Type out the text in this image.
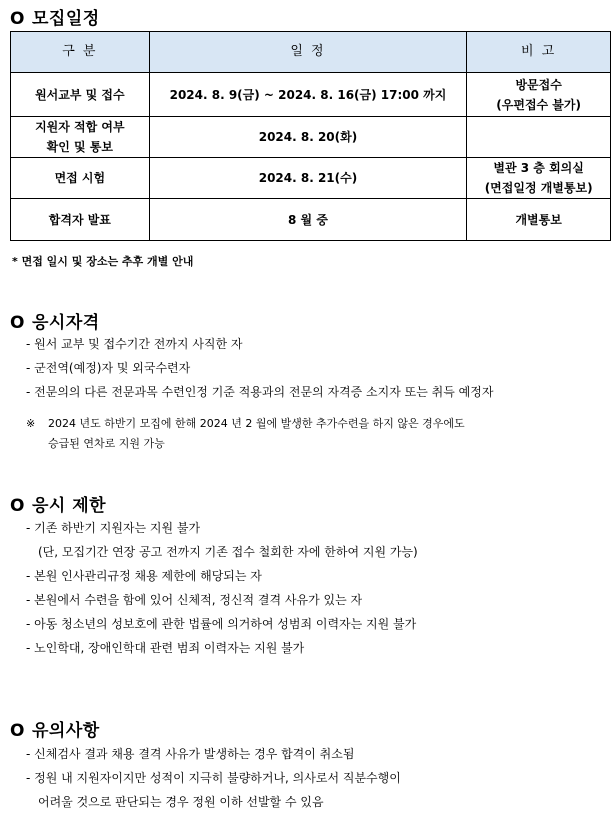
O 모집일정
구 분	일 정	비 고
원서교부 및 접수	2024. 8. 9(금) ~ 2024. 8. 16(금) 17:00 까지	방문접수
(우편접수 불가)

지원자 적합 여부
확인 및 통보	2024. 8. 20(화)	
면접 시험	2024. 8. 21(수)	별관 3 층 회의실
(면접일정 개별통보)

합격자 발표	8 월 중	개별통보
* 면접 일시 및 장소는 추후 개별 안내
O 응시자격
- 원서 교부 및 접수기간 전까지 사직한 자
- 군전역(예정)자 및 외국수련자
- 전문의의 다른 전문과목 수련인정 기준 적용과의 전문의 자격증 소지자 또는 취득 예정자
※ 2024 년도 하반기 모집에 한해 2024 년 2 월에 발생한 추가수련을 하지 않은 경우에도
승급된 연차로 지원 가능
O 응시 제한
- 기존 하반기 지원자는 지원 불가
(단, 모집기간 연장 공고 전까지 기존 접수 철회한 자에 한하여 지원 가능)
- 본원 인사관리규정 채용 제한에 해당되는 자
- 본원에서 수련을 함에 있어 신체적, 정신적 결격 사유가 있는 자
- 아동 청소년의 성보호에 관한 법률에 의거하여 성범죄 이력자는 지원 불가
- 노인학대, 장애인학대 관련 범죄 이력자는 지원 불가
O 유의사항
- 신체검사 결과 채용 결격 사유가 발생하는 경우 합격이 취소됨
- 정원 내 지원자이지만 성적이 지극히 불량하거나, 의사로서 직분수행이
어려울 것으로 판단되는 경우 정원 이하 선발할 수 있음
